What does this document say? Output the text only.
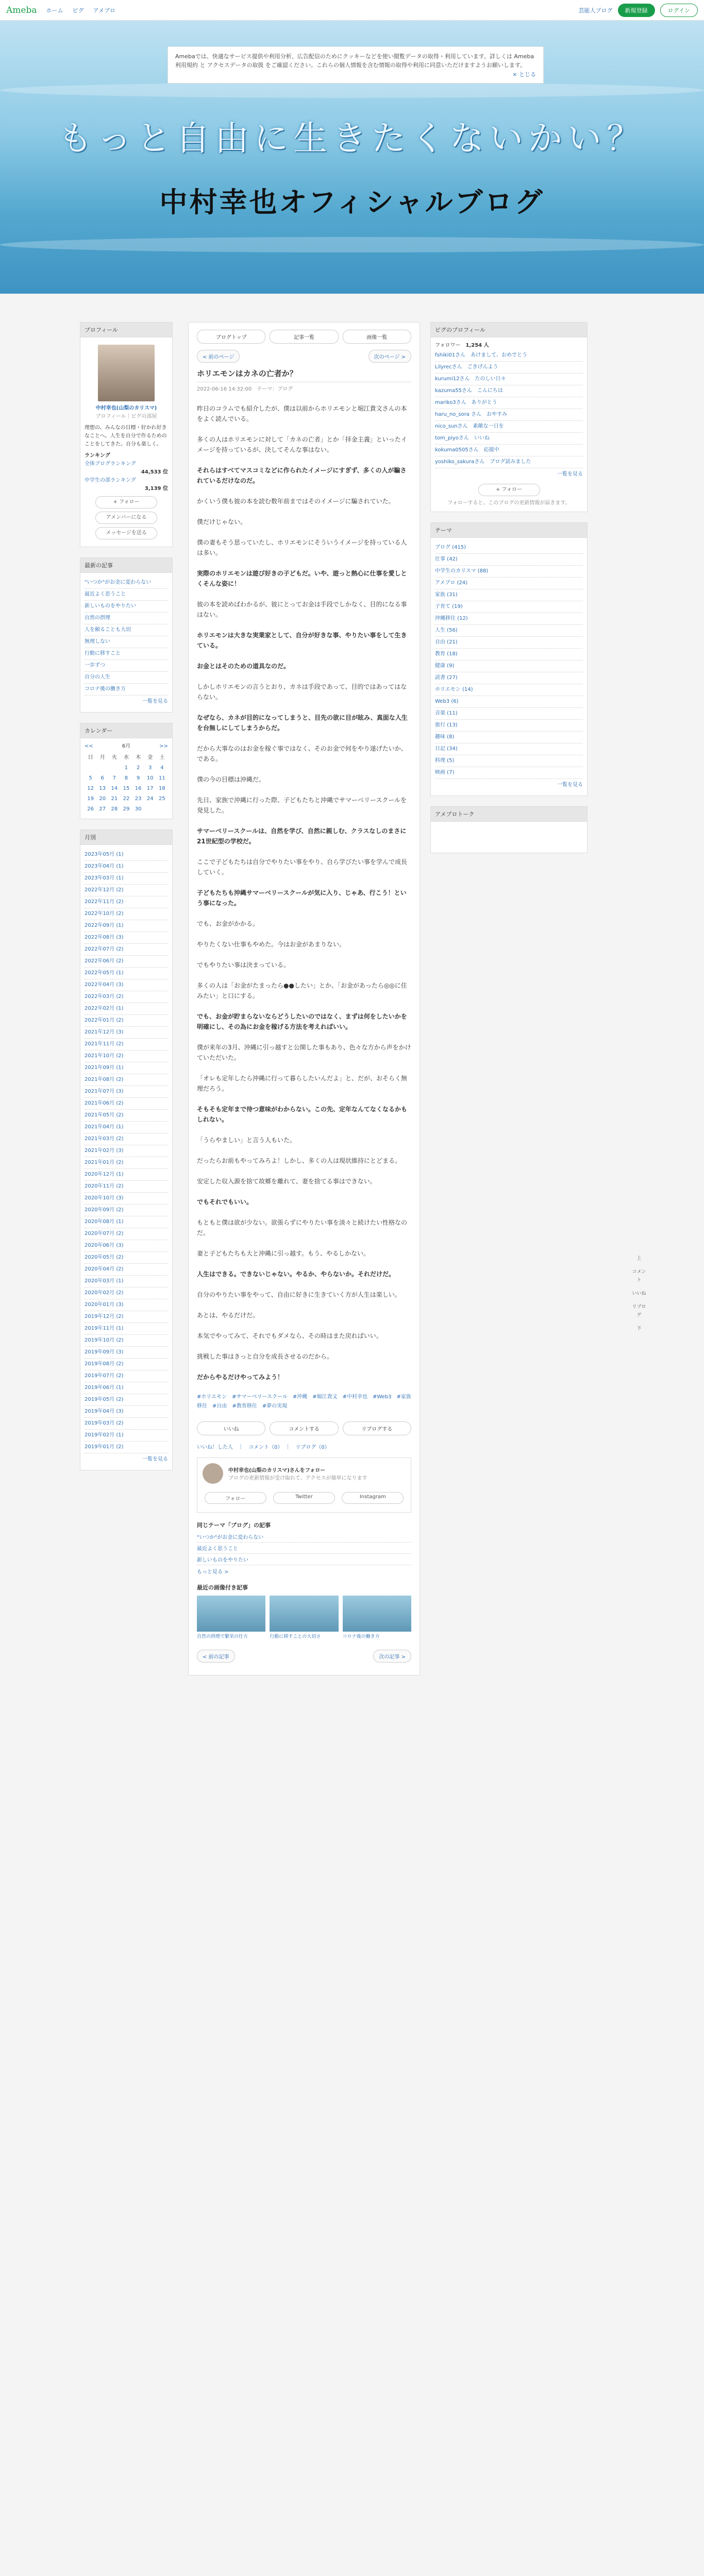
Ameba ホーム ピグ アメブロ	芸能人ブログ	新規登録	ログイン
もっと自由に生きたくないかい？
中村幸也オフィシャルブログ
Amebaでは、快適なサービス提供や利用分析、広告配信のためにクッキーなどを使い閲覧データの取得・利用しています。詳しくは Ameba利用規約 と アクセスデータの取扱 をご確認ください。これらの個人情報を含む情報の取得や利用に同意いただけますようお願いします。
× とじる
プロフィール
中村幸也(山梨のカリスマ)
プロフィール｜ピグの部屋
理想の、みんなの目標・好かれ好きなことへ。人生を自分で作るためのことをしてきた。自分も楽しく。
ランキング
全体ブログランキング
44,533 位
中学生の部ランキング
3,139 位
+ フォロー
アメンバーになる
メッセージを送る
最新の記事
"いつか"がお金に変わらない
最近よく思うこと
新しいものをやりたい
自然の摂理
人を頼ることも大切
無理しない
行動に移すこと
一歩ずつ
自分の人生
コロナ後の働き方
一覧を見る
カレンダー
<<	6月	>>
日	月	火	水	木	金	土
			1	2	3	4
5	6	7	8	9	10	11
12	13	14	15	16	17	18
19	20	21	22	23	24	25
26	27	28	29	30		
月別
2023年05月 (1)
2023年04月 (1)
2023年03月 (1)
2022年12月 (2)
2022年11月 (2)
2022年10月 (2)
2022年09月 (1)
2022年08月 (3)
2022年07月 (2)
2022年06月 (2)
2022年05月 (1)
2022年04月 (3)
2022年03月 (2)
2022年02月 (1)
2022年01月 (2)
2021年12月 (3)
2021年11月 (2)
2021年10月 (2)
2021年09月 (1)
2021年08月 (2)
2021年07月 (3)
2021年06月 (2)
2021年05月 (2)
2021年04月 (1)
2021年03月 (2)
2021年02月 (3)
2021年01月 (2)
2020年12月 (1)
2020年11月 (2)
2020年10月 (3)
2020年09月 (2)
2020年08月 (1)
2020年07月 (2)
2020年06月 (3)
2020年05月 (2)
2020年04月 (2)
2020年03月 (1)
2020年02月 (2)
2020年01月 (3)
2019年12月 (2)
2019年11月 (1)
2019年10月 (2)
2019年09月 (3)
2019年08月 (2)
2019年07月 (2)
2019年06月 (1)
2019年05月 (2)
2019年04月 (3)
2019年03月 (2)
2019年02月 (1)
2019年01月 (2)
一覧を見る
ブログトップ	記事一覧	画像一覧
< 前のページ	次のページ >
ホリエモンはカネの亡者か？
2022-06-16 14:32:00　テーマ：ブログ

昨日のコラムでも紹介したが、僕は以前からホリエモンと堀江貴文さんの本をよく読んでいる。

多くの人はホリエモンに対して「カネの亡者」とか「拝金主義」といったイメージを持っているが、決してそんな事はない。

それらはすべてマスコミなどに作られたイメージにすぎず、多くの人が騙されているだけなのだ。

かくいう僕も彼の本を読む数年前まではそのイメージに騙されていた。

僕だけじゃない。

僕の妻もそう思っていたし、ホリエモンにそういうイメージを持っている人は多い。

実際のホリエモンは遊び好きの子どもだ。いや、遊っと熱心に仕事を愛しとくそんな姿に！

彼の本を読めばわかるが、彼にとってお金は手段でしかなく、目的になる事はない。

ホリエモンは大きな実業家として、自分が好きな事、やりたい事をして生きている。

お金とはそのための道具なのだ。

しかしホリエモンの言うとおり、カネは手段であって、目的ではあってはならない。

なぜなら、カネが目的になってしまうと、目先の欲に目が眩み、真面な人生を台無しにしてしまうからだ。

だから大事なのはお金を稼ぐ事ではなく、そのお金で何をやり遂げたいか、である。

僕の今の目標は沖縄だ。

先日、家族で沖縄に行った際、子どもたちと沖縄でサマーベリースクールを発見した。

サマーベリースクールは、自然を学び、自然に親しむ、クラスなしのまさに21世紀型の学校だ。

ここで子どもたちは自分でやりたい事をやり、自ら学びたい事を学んで成長していく。

子どもたちも沖縄サマーベリースクールが気に入り、じゃあ、行こう！という事になった。

でも、お金がかかる。

やりたくない仕事もやめた。今はお金があまりない。

でもやりたい事は決まっている。

多くの人は「お金がたまったら●●したい」とか、「お金があったら◎◎に住みたい」と口にする。

でも、お金が貯まらないならどうしたいのではなく、まずは何をしたいかを明確にし、その為にお金を稼げる方法を考えればいい。

僕が来年の3月、沖縄に引っ越すと公開した事もあり、色々な方から声をかけていただいた。

「オレも定年したら沖縄に行って暮らしたいんだよ」と、だが、おそらく無理だろう。

そもそも定年まで待つ意味がわからない。この先、定年なんてなくなるかもしれない。

「うらやましい」と言う人もいた。

だったらお前もやってみろよ！しかし、多くの人は現状維持にとどまる。

安定した収入源を捨て故郷を離れて、妻を捨てる事はできない。

でもそれでもいい。

もともと僕は欲が少ない。欲張らずにやりたい事を淡々と続けたい性格なのだ。

妻と子どもたちも大と沖縄に引っ越す。もう、やるしかない。

人生はできる。できないじゃない。やるか、やらないか。それだけだ。

自分のやりたい事をやって、自由に好きに生きていく方が人生は楽しい。

あとは、やるだけだ。

本気でやってみて、それでもダメなら、その時はまた戻ればいい。

挑戦した事はきっと自分を成長させるのだから。

だからやるだけやってみよう！

#ホリエモン　#サマーベリースクール　#沖縄　#堀江貴文　#中村幸也　#Web3　#家族移住　#自由　#教育移住　#夢の実現
いいね	コメントする	リブログする
いいね！した人　｜　コメント（0）　｜　リブログ（0）
中村幸也(山梨のカリスマ)さんをフォロー
ブログの更新情報が受け取れて、アクセスが簡単になります
フォロー	Twitter	Instagram
同じテーマ「ブログ」の記事
"いつか"がお金に変わらない
最近よく思うこと
新しいものをやりたい
もっと見る >
最近の画像付き記事
自然の摂理で繁栄の仕方	行動に移すことの大切さ	コロナ後の働き方
< 前の記事	次の記事 >
ピグのプロフィール
フォロワー　 1,254 人
fshiki01さん　あけまして、おめでとう
Lilyrecさん　ごきげんよう
kurumi12さん　たのしい日々
kazuma55さん　こんにちは
mariko3さん　ありがとう
haru_no_sora さん　おやすみ
nico_sunさん　素敵な一日を
tom_piyoさん　いいね
kokuma0505さん　応援中
yoshiko_sakuraさん　ブログ読みました
一覧を見る
+ フォロー
フォローすると、このブログの更新情報が届きます。
テーマ
ブログ (415)
仕事 (42)
中学生のカリスマ (88)
アメブロ (24)
家族 (31)
子育て (19)
沖縄移住 (12)
人生 (56)
自由 (21)
教育 (18)
健康 (9)
読書 (27)
ホリエモン (14)
Web3 (6)
音楽 (11)
旅行 (13)
趣味 (8)
日記 (34)
料理 (5)
映画 (7)
一覧を見る
アメブロトーク
上
コメント
いいね
リブログ
下
